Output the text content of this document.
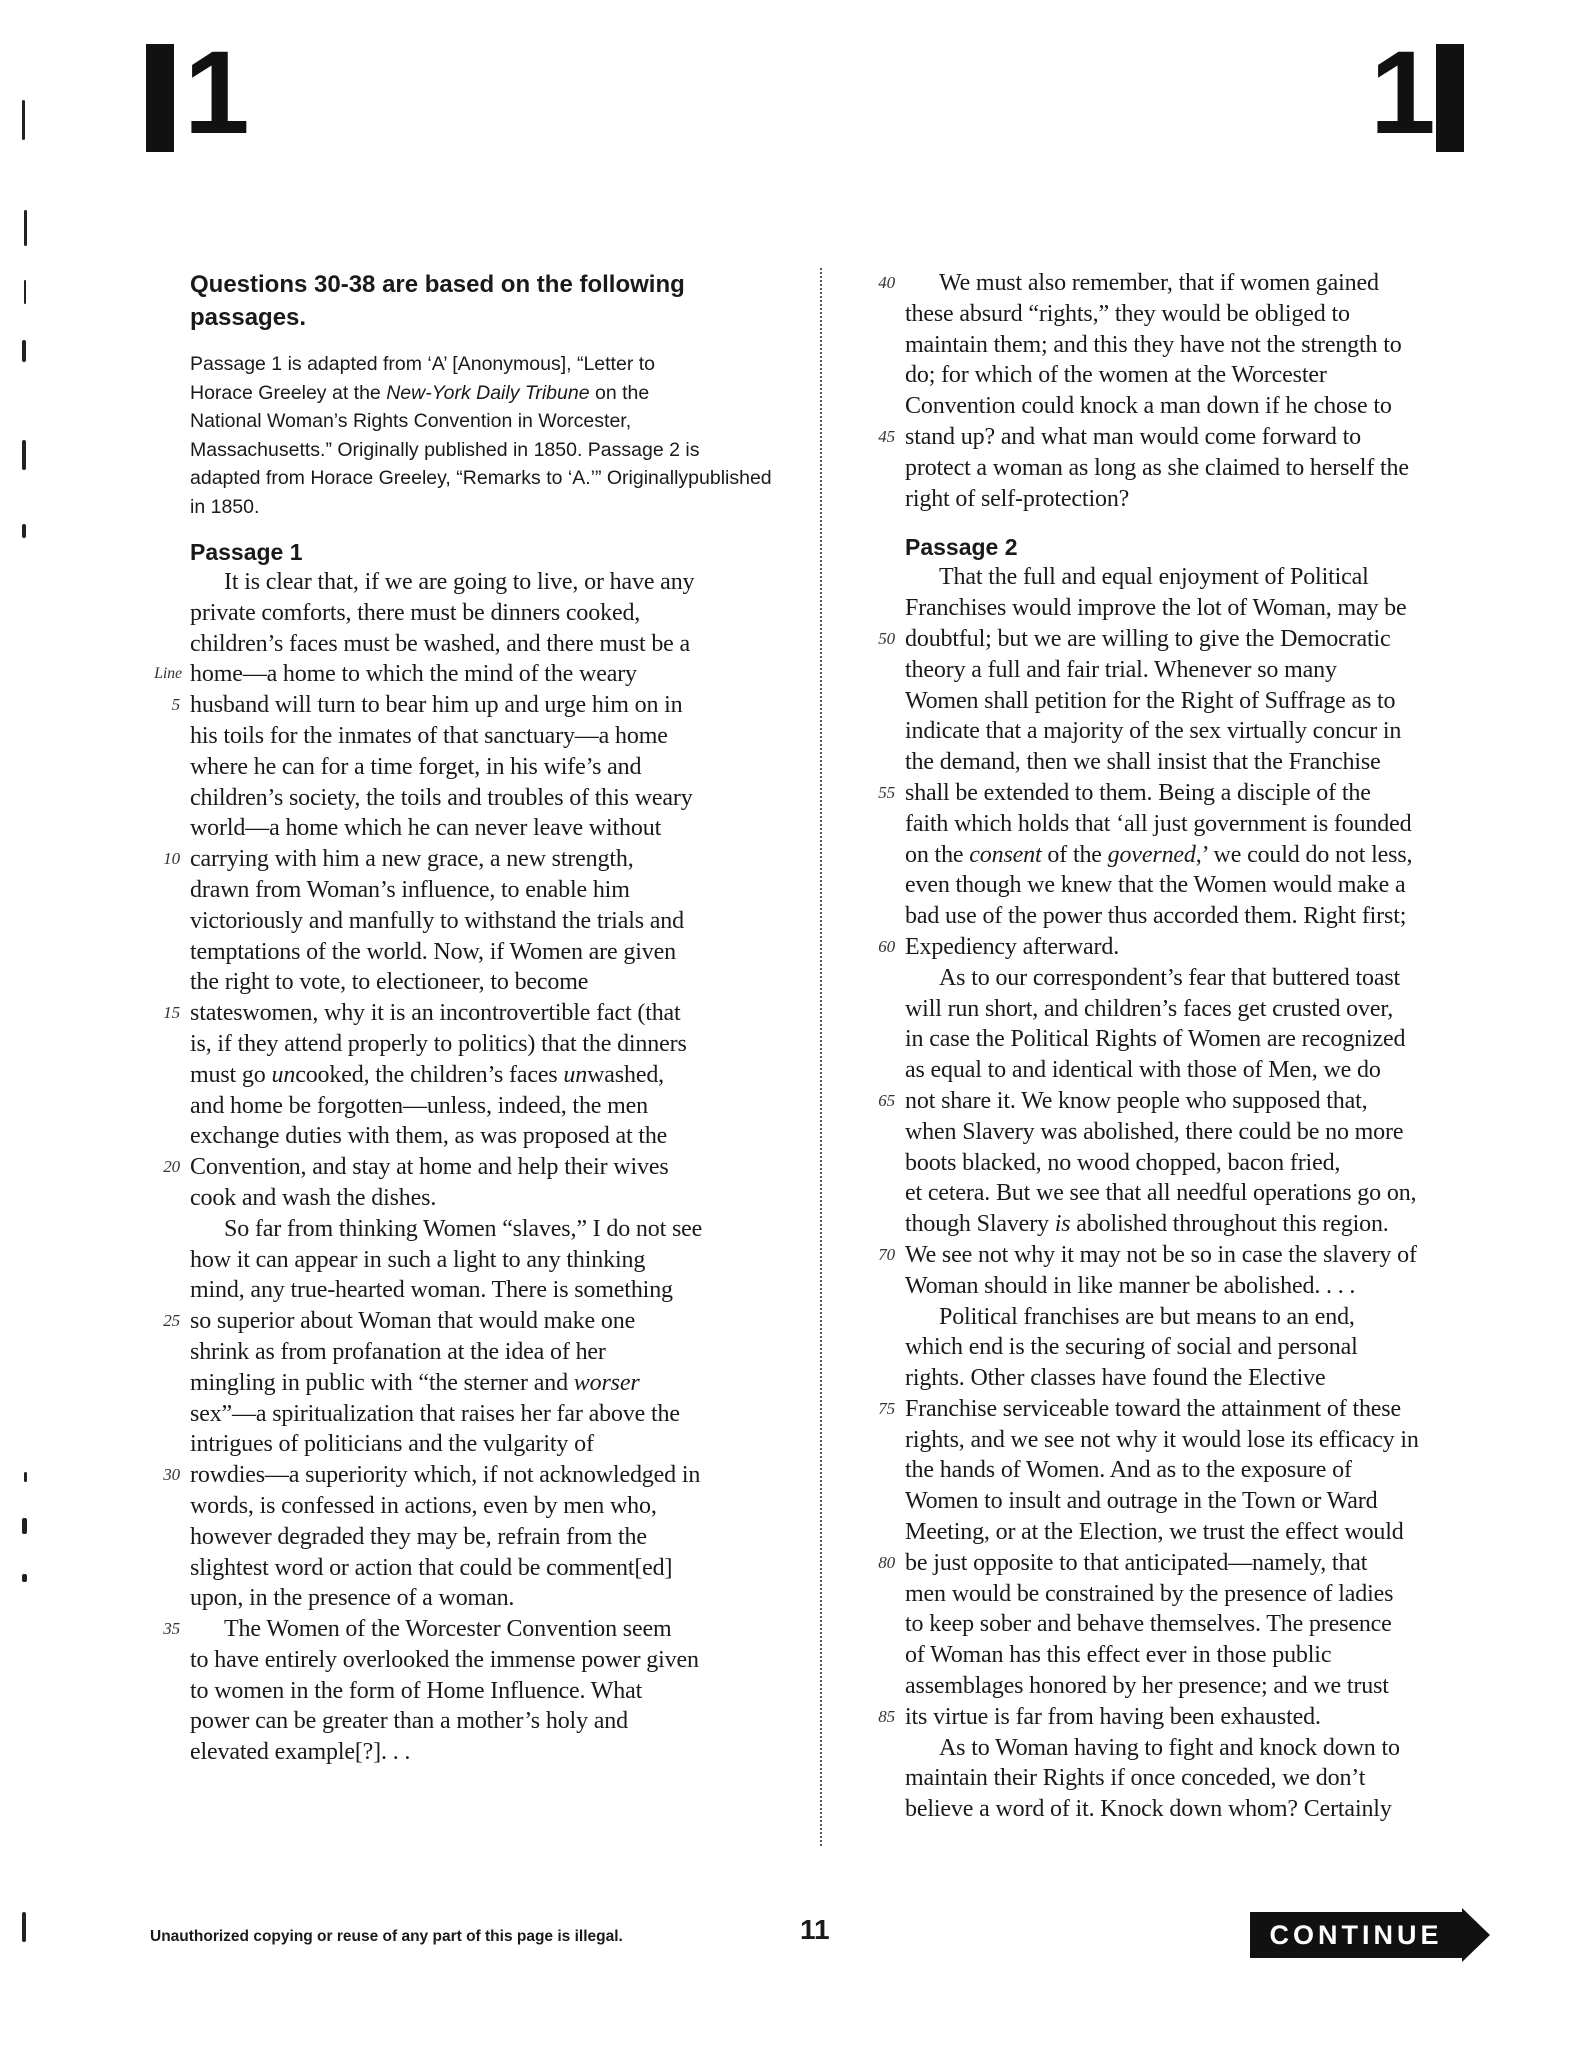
1	1

Questions 30-38 are based on the following passages.

Passage 1 is adapted from ‘A’ [Anonymous], “Letter to
Horace Greeley at the New-York Daily Tribune on the
National Woman’s Rights Convention in Worcester,
Massachusetts.” Originally published in 1850. Passage 2 is
adapted from Horace Greeley, “Remarks to ‘A.’” Originallypublished in 1850.

Passage 1

It is clear that, if we are going to live, or have any
private comforts, there must be dinners cooked,
children’s faces must be washed, and there must be a
Line home—a home to which the mind of the weary
5 husband will turn to bear him up and urge him on in
his toils for the inmates of that sanctuary—a home
where he can for a time forget, in his wife’s and
children’s society, the toils and troubles of this weary
world—a home which he can never leave without
10 carrying with him a new grace, a new strength,
drawn from Woman’s influence, to enable him
victoriously and manfully to withstand the trials and
temptations of the world. Now, if Women are given
the right to vote, to electioneer, to become
15 stateswomen, why it is an incontrovertible fact (that
is, if they attend properly to politics) that the dinners
must go uncooked, the children’s faces unwashed,
and home be forgotten—unless, indeed, the men
exchange duties with them, as was proposed at the
20 Convention, and stay at home and help their wives
cook and wash the dishes.
So far from thinking Women “slaves,” I do not see
how it can appear in such a light to any thinking
mind, any true-hearted woman. There is something
25 so superior about Woman that would make one
shrink as from profanation at the idea of her
mingling in public with “the sterner and worser
sex”—a spiritualization that raises her far above the
intrigues of politicians and the vulgarity of
30 rowdies—a superiority which, if not acknowledged in
words, is confessed in actions, even by men who,
however degraded they may be, refrain from the
slightest word or action that could be comment[ed]
upon, in the presence of a woman.
35 The Women of the Worcester Convention seem
to have entirely overlooked the immense power given
to women in the form of Home Influence. What
power can be greater than a mother’s holy and
elevated example[?]. . .
40 We must also remember, that if women gained
these absurd “rights,” they would be obliged to
maintain them; and this they have not the strength to
do; for which of the women at the Worcester
Convention could knock a man down if he chose to
45 stand up? and what man would come forward to
protect a woman as long as she claimed to herself the
right of self-protection?

Passage 2

That the full and equal enjoyment of Political
Franchises would improve the lot of Woman, may be
50 doubtful; but we are willing to give the Democratic
theory a full and fair trial. Whenever so many
Women shall petition for the Right of Suffrage as to
indicate that a majority of the sex virtually concur in
the demand, then we shall insist that the Franchise
55 shall be extended to them. Being a disciple of the
faith which holds that ‘all just government is founded
on the consent of the governed,’ we could do not less,
even though we knew that the Women would make a
bad use of the power thus accorded them. Right first;
60 Expediency afterward.
As to our correspondent’s fear that buttered toast
will run short, and children’s faces get crusted over,
in case the Political Rights of Women are recognized
as equal to and identical with those of Men, we do
65 not share it. We know people who supposed that,
when Slavery was abolished, there could be no more
boots blacked, no wood chopped, bacon fried,
et cetera. But we see that all needful operations go on,
though Slavery is abolished throughout this region.
70 We see not why it may not be so in case the slavery of
Woman should in like manner be abolished. . . .
Political franchises are but means to an end,
which end is the securing of social and personal
rights. Other classes have found the Elective
75 Franchise serviceable toward the attainment of these
rights, and we see not why it would lose its efficacy in
the hands of Women. And as to the exposure of
Women to insult and outrage in the Town or Ward
Meeting, or at the Election, we trust the effect would
80 be just opposite to that anticipated—namely, that
men would be constrained by the presence of ladies
to keep sober and behave themselves. The presence
of Woman has this effect ever in those public
assemblages honored by her presence; and we trust
85 its virtue is far from having been exhausted.
As to Woman having to fight and knock down to
maintain their Rights if once conceded, we don’t
believe a word of it. Knock down whom? Certainly
Unauthorized copying or reuse of any part of this page is illegal.	11	CONTINUE
